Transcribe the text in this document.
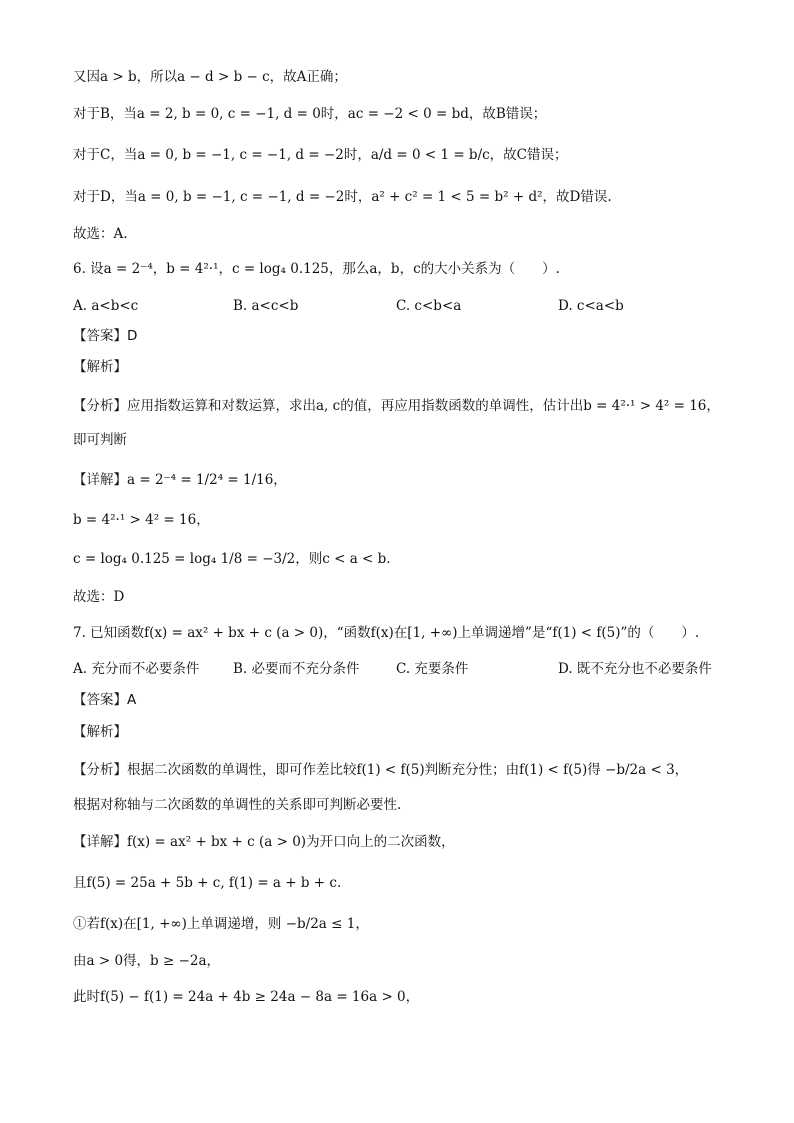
又因a > b，所以a − d > b − c，故A正确；
对于B，当a = 2, b = 0, c = −1, d = 0时，ac = −2 < 0 = bd，故B错误；
对于C，当a = 0, b = −1, c = −1, d = −2时，a/d = 0 < 1 = b/c，故C错误；
对于D，当a = 0, b = −1, c = −1, d = −2时，a² + c² = 1 < 5 = b² + d²，故D错误.
故选：A.
6. 设a = 2⁻⁴，b = 4²·¹，c = log₄ 0.125，那么a，b，c的大小关系为（　　）.
A. a<b<c	B. a<c<b	C. c<b<a	D. c<a<b
【答案】D
【解析】
【分析】应用指数运算和对数运算，求出a, c的值，再应用指数函数的单调性，估计出b = 4²·¹ > 4² = 16，
即可判断
【详解】a = 2⁻⁴ = 1/2⁴ = 1/16，
b = 4²·¹ > 4² = 16，
c = log₄ 0.125 = log₄ 1/8 = −3/2，则c < a < b.
故选：D
7. 已知函数f(x) = ax² + bx + c (a > 0)，“函数f(x)在[1, +∞)上单调递增”是“f(1) < f(5)”的（　　）.
A. 充分而不必要条件 B. 必要而不充分条件	C. 充要条件	D. 既不充分也不必要条件
【答案】A
【解析】
【分析】根据二次函数的单调性，即可作差比较f(1) < f(5)判断充分性；由f(1) < f(5)得 −b/2a < 3，
根据对称轴与二次函数的单调性的关系即可判断必要性.
【详解】f(x) = ax² + bx + c (a > 0)为开口向上的二次函数，
且f(5) = 25a + 5b + c, f(1) = a + b + c.
①若f(x)在[1, +∞)上单调递增，则 −b/2a ≤ 1，
由a > 0得，b ≥ −2a，
此时f(5) − f(1) = 24a + 4b ≥ 24a − 8a = 16a > 0，
